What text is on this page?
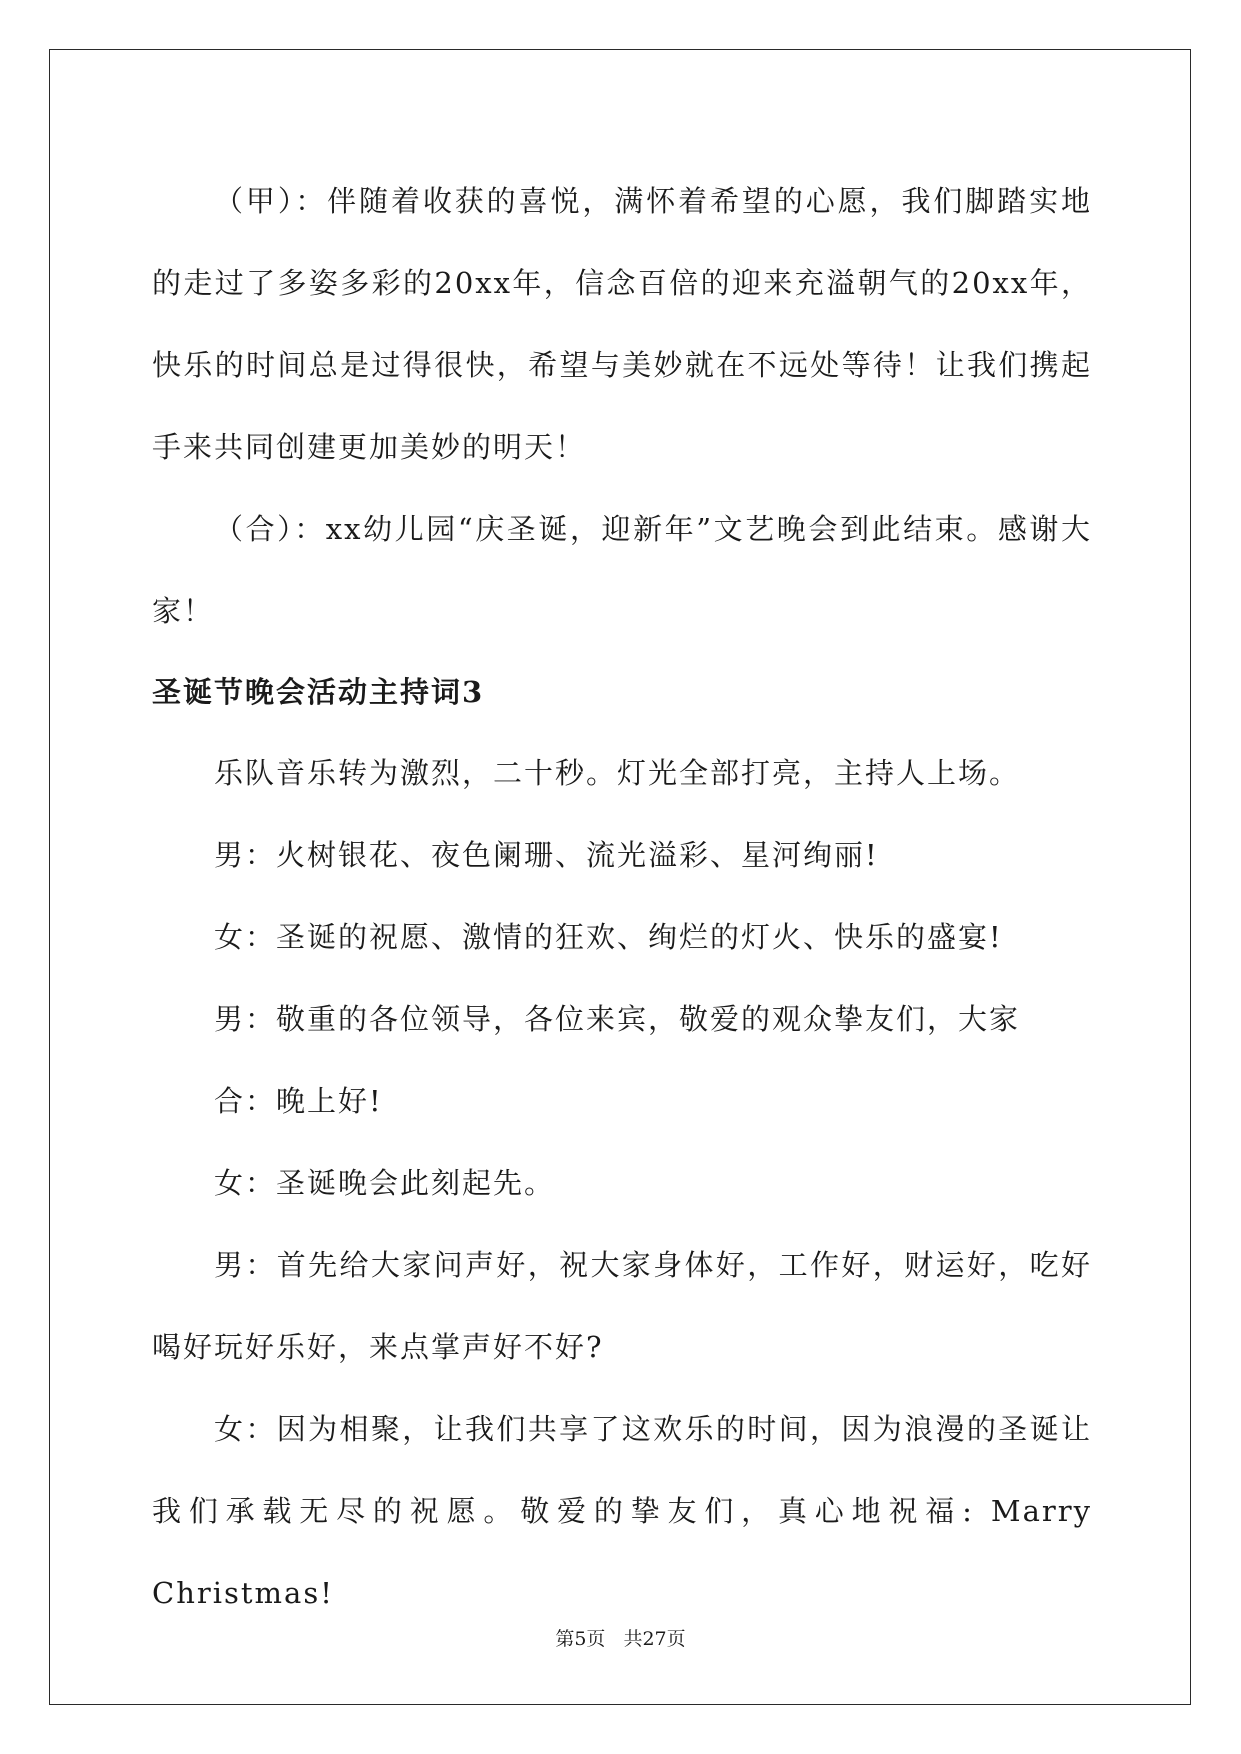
（甲）：伴随着收获的喜悦，满怀着希望的心愿，我们脚踏实地的走过了多姿多彩的20xx年，信念百倍的迎来充溢朝气的20xx年，快乐的时间总是过得很快，希望与美妙就在不远处等待！让我们携起手来共同创建更加美妙的明天！

（合）：xx幼儿园“庆圣诞，迎新年”文艺晚会到此结束。感谢大家！

圣诞节晚会活动主持词3

乐队音乐转为激烈，二十秒。灯光全部打亮，主持人上场。

男：火树银花、夜色阑珊、流光溢彩、星河绚丽!

女：圣诞的祝愿、激情的狂欢、绚烂的灯火、快乐的盛宴!

男：敬重的各位领导，各位来宾，敬爱的观众挚友们，大家

合：晚上好!

女：圣诞晚会此刻起先。

男：首先给大家问声好，祝大家身体好，工作好，财运好，吃好喝好玩好乐好，来点掌声好不好?

女：因为相聚，让我们共享了这欢乐的时间，因为浪漫的圣诞让我们承载无尽的祝愿。敬爱的挚友们，真心地祝福: Marry Christmas!

第5页 共27页
